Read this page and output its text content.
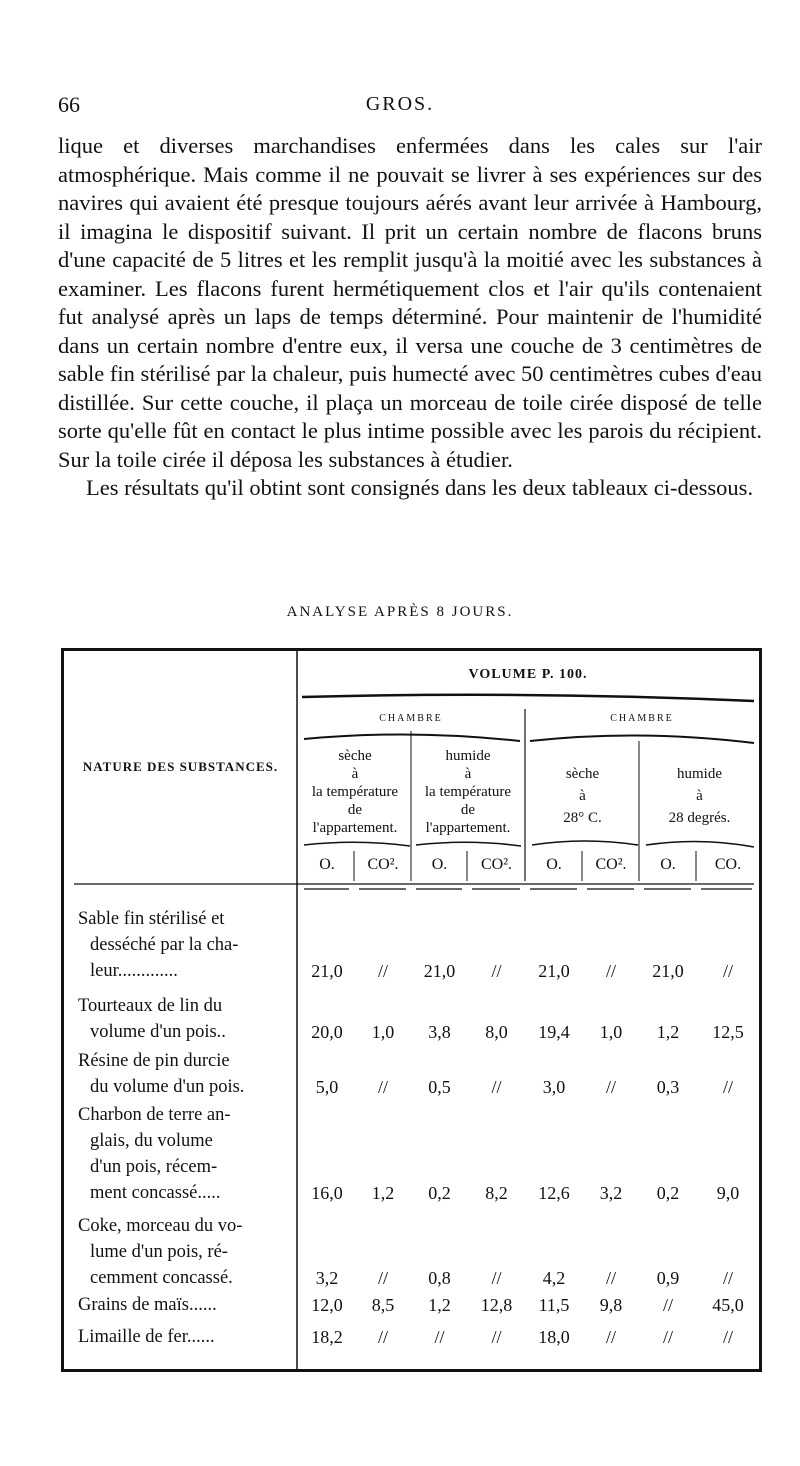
66	GROS.

lique et diverses marchandises enfermées dans les cales sur l'air atmosphérique. Mais comme il ne pouvait se livrer à ses expériences sur des navires qui avaient été presque toujours aérés avant leur arrivée à Hambourg, il imagina le dispositif suivant. Il prit un certain nombre de flacons bruns d'une capacité de 5 litres et les remplit jusqu'à la moitié avec les substances à examiner. Les flacons furent hermétiquement clos et l'air qu'ils contenaient fut analysé après un laps de temps déterminé. Pour maintenir de l'humidité dans un certain nombre d'entre eux, il versa une couche de 3 centimètres de sable fin stérilisé par la chaleur, puis humecté avec 50 centimètres cubes d'eau distillée. Sur cette couche, il plaça un morceau de toile cirée disposé de telle sorte qu'elle fût en contact le plus intime possible avec les parois du récipient. Sur la toile cirée il déposa les substances à étudier.

Les résultats qu'il obtint sont consignés dans les deux tableaux ci-dessous.

ANALYSE APRÈS 8 JOURS.
NATURE DES SUBSTANCES.
VOLUME P. 100.
CHAMBRE	CHAMBRE
sèche
à
la température
de
l'appartement.
humide
à
la température
de
l'appartement.
sèche
à
28° C.
humide
à
28 degrés.
O.	CO².	O.	CO².	O.	CO².	O.	CO.
Sable fin stérilisé et
desséché par la cha-
leur.............	21,0	//	21,0	//	21,0	//	21,0	//
Tourteaux de lin du
volume d'un pois..	20,0	1,0	3,8	8,0	19,4	1,0	1,2	12,5
Résine de pin durcie
du volume d'un pois.	5,0	//	0,5	//	3,0	//	0,3	//
Charbon de terre an-
glais, du volume
d'un pois, récem-
ment concassé.....	16,0	1,2	0,2	8,2	12,6	3,2	0,2	9,0
Coke, morceau du vo-
lume d'un pois, ré-
cemment concassé.	3,2	//	0,8	//	4,2	//	0,9	//
Grains de maïs......	12,0	8,5	1,2	12,8	11,5	9,8	//	45,0
Limaille de fer......	18,2	//	//	//	18,0	//	//	//
